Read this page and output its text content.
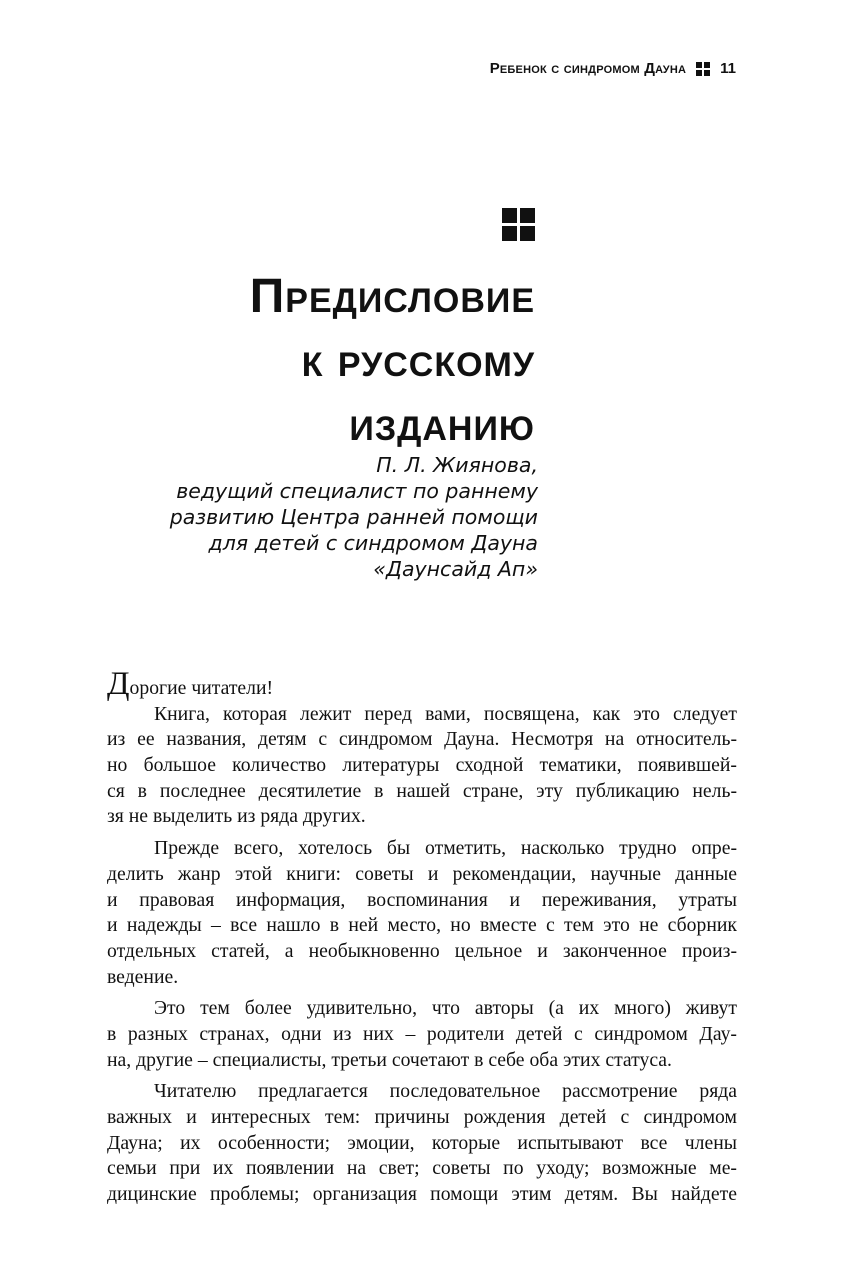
Ребенок с синдромом Дауна 11
Предисловие
к русскому
изданию
П. Л. Жиянова,
ведущий специалист по раннему
развитию Центра ранней помощи
для детей с синдромом Дауна
«Даунсайд Ап»
Дорогие читатели!
Книга, которая лежит перед вами, посвящена, как это следует
из ее названия, детям с синдромом Дауна. Несмотря на относитель-
но большое количество литературы сходной тематики, появившей-
ся в последнее десятилетие в нашей стране, эту публикацию нель-
зя не выделить из ряда других.
Прежде всего, хотелось бы отметить, насколько трудно опре-
делить жанр этой книги: советы и рекомендации, научные данные
и правовая информация, воспоминания и переживания, утраты
и надежды – все нашло в ней место, но вместе с тем это не сборник
отдельных статей, а необыкновенно цельное и законченное произ-
ведение.
Это тем более удивительно, что авторы (а их много) живут
в разных странах, одни из них – родители детей с синдромом Дау-
на, другие – специалисты, третьи сочетают в себе оба этих статуса.
Читателю предлагается последовательное рассмотрение ряда
важных и интересных тем: причины рождения детей с синдромом
Дауна; их особенности; эмоции, которые испытывают все члены
семьи при их появлении на свет; советы по уходу; возможные ме-
дицинские проблемы; организация помощи этим детям. Вы найдете
